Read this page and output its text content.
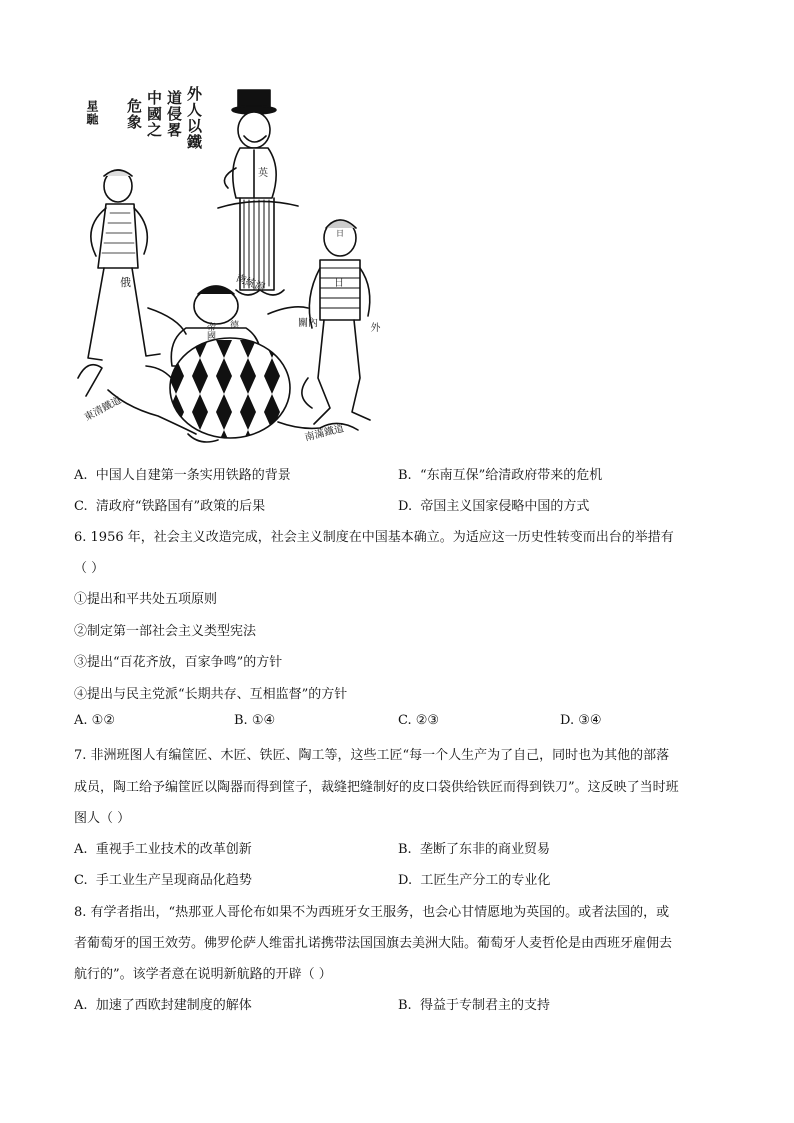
外人以鐵
道侵畧
中國之
危象
星馳
英
俄	日
日
外
德
帝國	關內
南統滬
東清鐵道
南滿鐵道
A. 中国人自建第一条实用铁路的背景	B. “东南互保”给清政府带来的危机
C. 清政府“铁路国有”政策的后果	D. 帝国主义国家侵略中国的方式
6. 1956 年，社会主义改造完成，社会主义制度在中国基本确立。为适应这一历史性转变而出台的举措有
（ ）
①提出和平共处五项原则
②制定第一部社会主义类型宪法
③提出“百花齐放，百家争鸣”的方针
④提出与民主党派“长期共存、互相监督”的方针
A. ①②	B. ①④	C. ②③	D. ③④
7. 非洲班图人有编筐匠、木匠、铁匠、陶工等，这些工匠“每一个人生产为了自己，同时也为其他的部落
成员，陶工给予编筐匠以陶器而得到筐子，裁缝把缝制好的皮口袋供给铁匠而得到铁刀”。这反映了当时班
图人（ ）
A. 重视手工业技术的改革创新	B. 垄断了东非的商业贸易
C. 手工业生产呈现商品化趋势	D. 工匠生产分工的专业化
8. 有学者指出，“热那亚人哥伦布如果不为西班牙女王服务，也会心甘情愿地为英国的。或者法国的，或
者葡萄牙的国王效劳。佛罗伦萨人维雷扎诺携带法国国旗去美洲大陆。葡萄牙人麦哲伦是由西班牙雇佣去
航行的”。该学者意在说明新航路的开辟（ ）
A. 加速了西欧封建制度的解体	B. 得益于专制君主的支持
